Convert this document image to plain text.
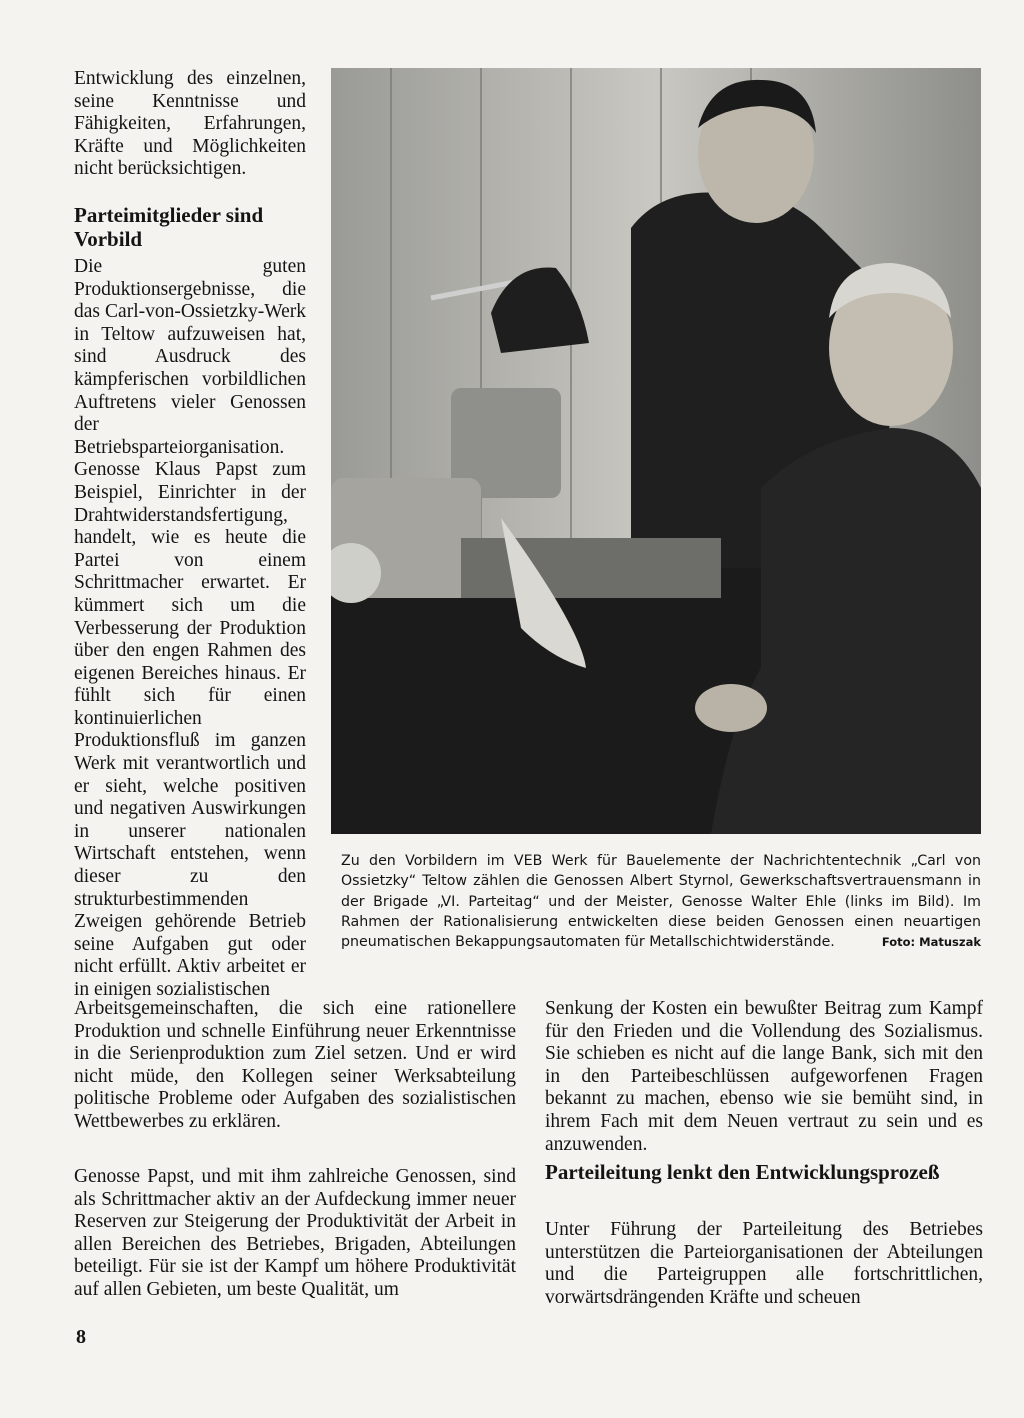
Entwicklung des einzelnen, seine Kenntnisse und Fähigkeiten, Erfahrungen, Kräfte und Möglichkeiten nicht berücksichtigen.

Parteimitglieder sind Vorbild

Die guten Produktionsergebnisse, die das Carl-von-Ossietzky-Werk in Teltow aufzuweisen hat, sind Ausdruck des kämpferischen vorbildlichen Auftretens vieler Genossen der Betriebsparteiorganisation. Genosse Klaus Papst zum Beispiel, Einrichter in der Drahtwiderstandsfertigung, handelt, wie es heute die Partei von einem Schrittmacher erwartet. Er kümmert sich um die Verbesserung der Produktion über den engen Rahmen des eigenen Bereiches hinaus. Er fühlt sich für einen kontinuierlichen Produktionsfluß im ganzen Werk mit verantwortlich und er sieht, welche positiven und negativen Auswirkungen in unserer nationalen Wirtschaft entstehen, wenn dieser zu den strukturbestimmenden Zweigen gehörende Betrieb seine Aufgaben gut oder nicht erfüllt. Aktiv arbeitet er in einigen sozialistischen

Zu den Vorbildern im VEB Werk für Bauelemente der Nachrichtentechnik „Carl von Ossietzky“ Teltow zählen die Genossen Albert Styrnol, Gewerkschaftsvertrauensmann in der Brigade „VI. Parteitag“ und der Meister, Genosse Walter Ehle (links im Bild). Im Rahmen der Rationalisierung entwickelten diese beiden Genossen einen neuartigen pneumatischen Bekappungsautomaten für Metallschichtwiderstände.	Foto: Matuszak

Arbeitsgemeinschaften, die sich eine rationellere Produktion und schnelle Einführung neuer Erkenntnisse in die Serienproduktion zum Ziel setzen. Und er wird nicht müde, den Kollegen seiner Werksabteilung politische Probleme oder Aufgaben des sozialistischen Wettbewerbes zu erklären.

Genosse Papst, und mit ihm zahlreiche Genossen, sind als Schrittmacher aktiv an der Aufdeckung immer neuer Reserven zur Steigerung der Produktivität der Arbeit in allen Bereichen des Betriebes, Brigaden, Abteilungen beteiligt. Für sie ist der Kampf um höhere Produktivität auf allen Gebieten, um beste Qualität, um

Senkung der Kosten ein bewußter Beitrag zum Kampf für den Frieden und die Vollendung des Sozialismus. Sie schieben es nicht auf die lange Bank, sich mit den in den Parteibeschlüssen aufgeworfenen Fragen bekannt zu machen, ebenso wie sie bemüht sind, in ihrem Fach mit dem Neuen vertraut zu sein und es anzuwenden.

Parteileitung lenkt den Entwicklungsprozeß

Unter Führung der Parteileitung des Betriebes unterstützen die Parteiorganisationen der Abteilungen und die Parteigruppen alle fortschrittlichen, vorwärtsdrängenden Kräfte und scheuen

8
